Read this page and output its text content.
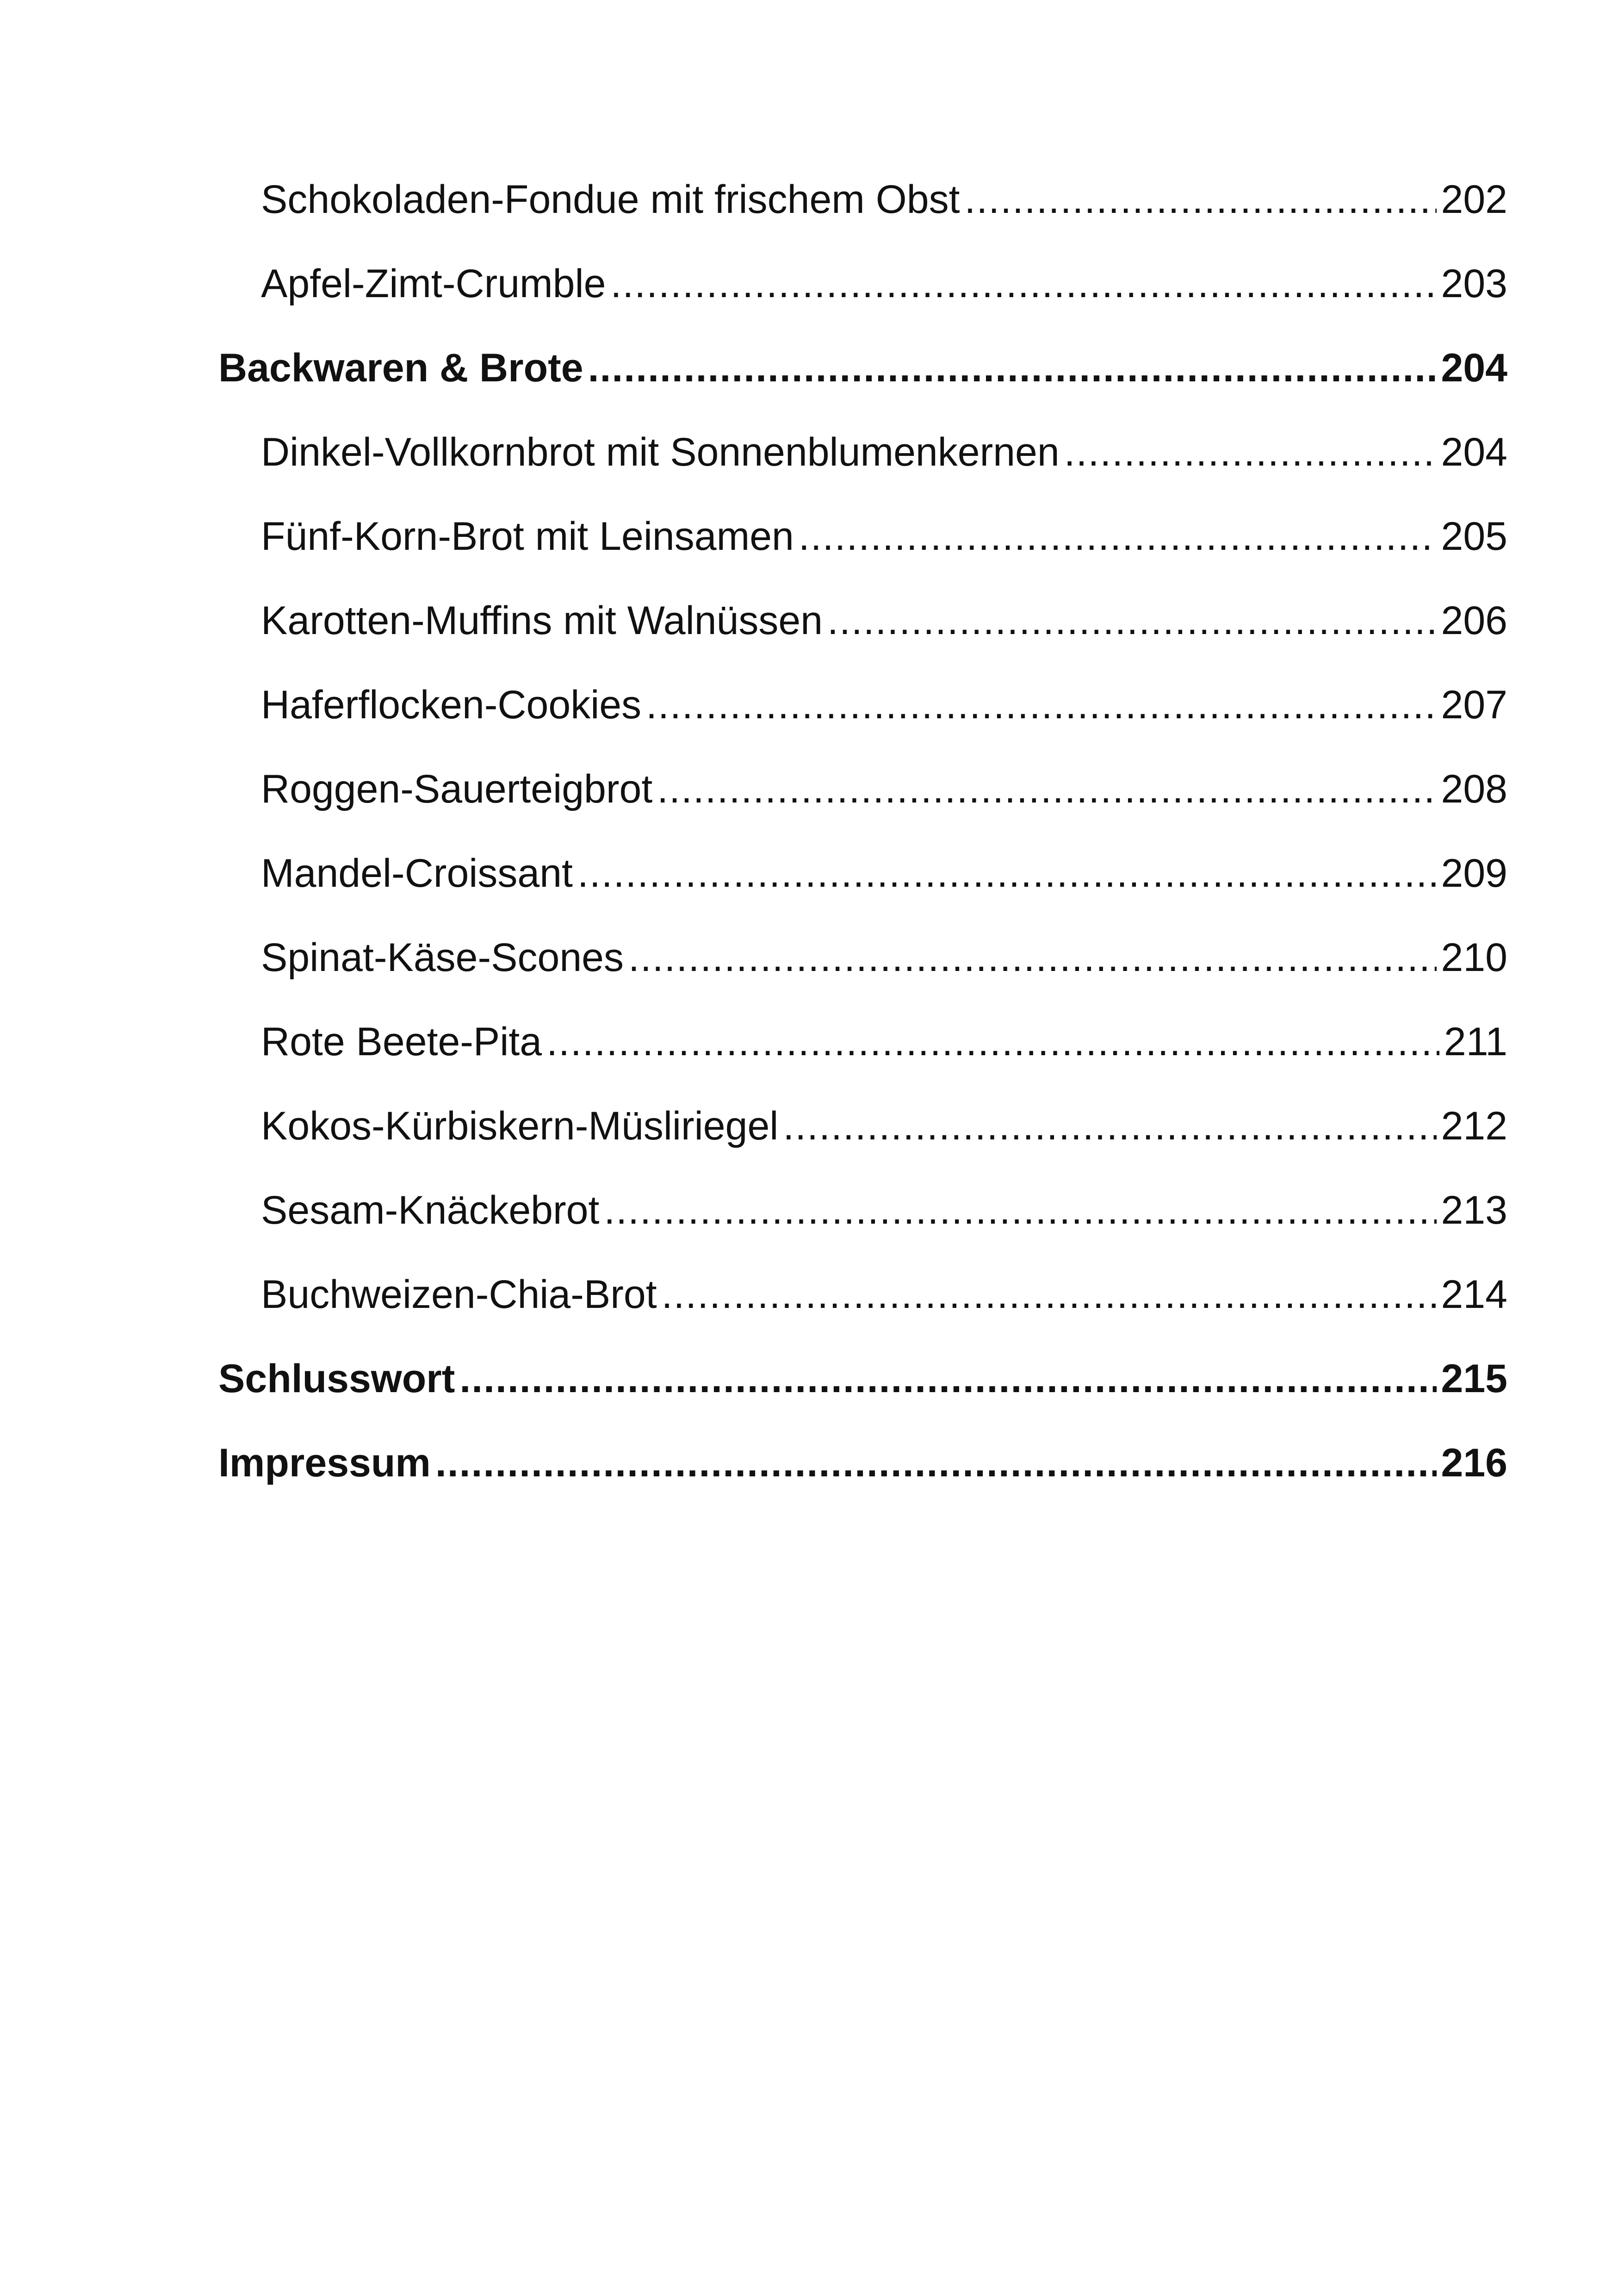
Schokoladen-Fondue mit frischem Obst .....	202
Apfel-Zimt-Crumble .....	203
Backwaren & Brote .....	204
Dinkel-Vollkornbrot mit Sonnenblumenkernen .....	204
Fünf-Korn-Brot mit Leinsamen .....	205
Karotten-Muffins mit Walnüssen .....	206
Haferflocken-Cookies .....	207
Roggen-Sauerteigbrot .....	208
Mandel-Croissant .....	209
Spinat-Käse-Scones .....	210
Rote Beete-Pita .....	211
Kokos-Kürbiskern-Müsliriegel .....	212
Sesam-Knäckebrot .....	213
Buchweizen-Chia-Brot .....	214
Schlusswort .....	215
Impressum .....	216
